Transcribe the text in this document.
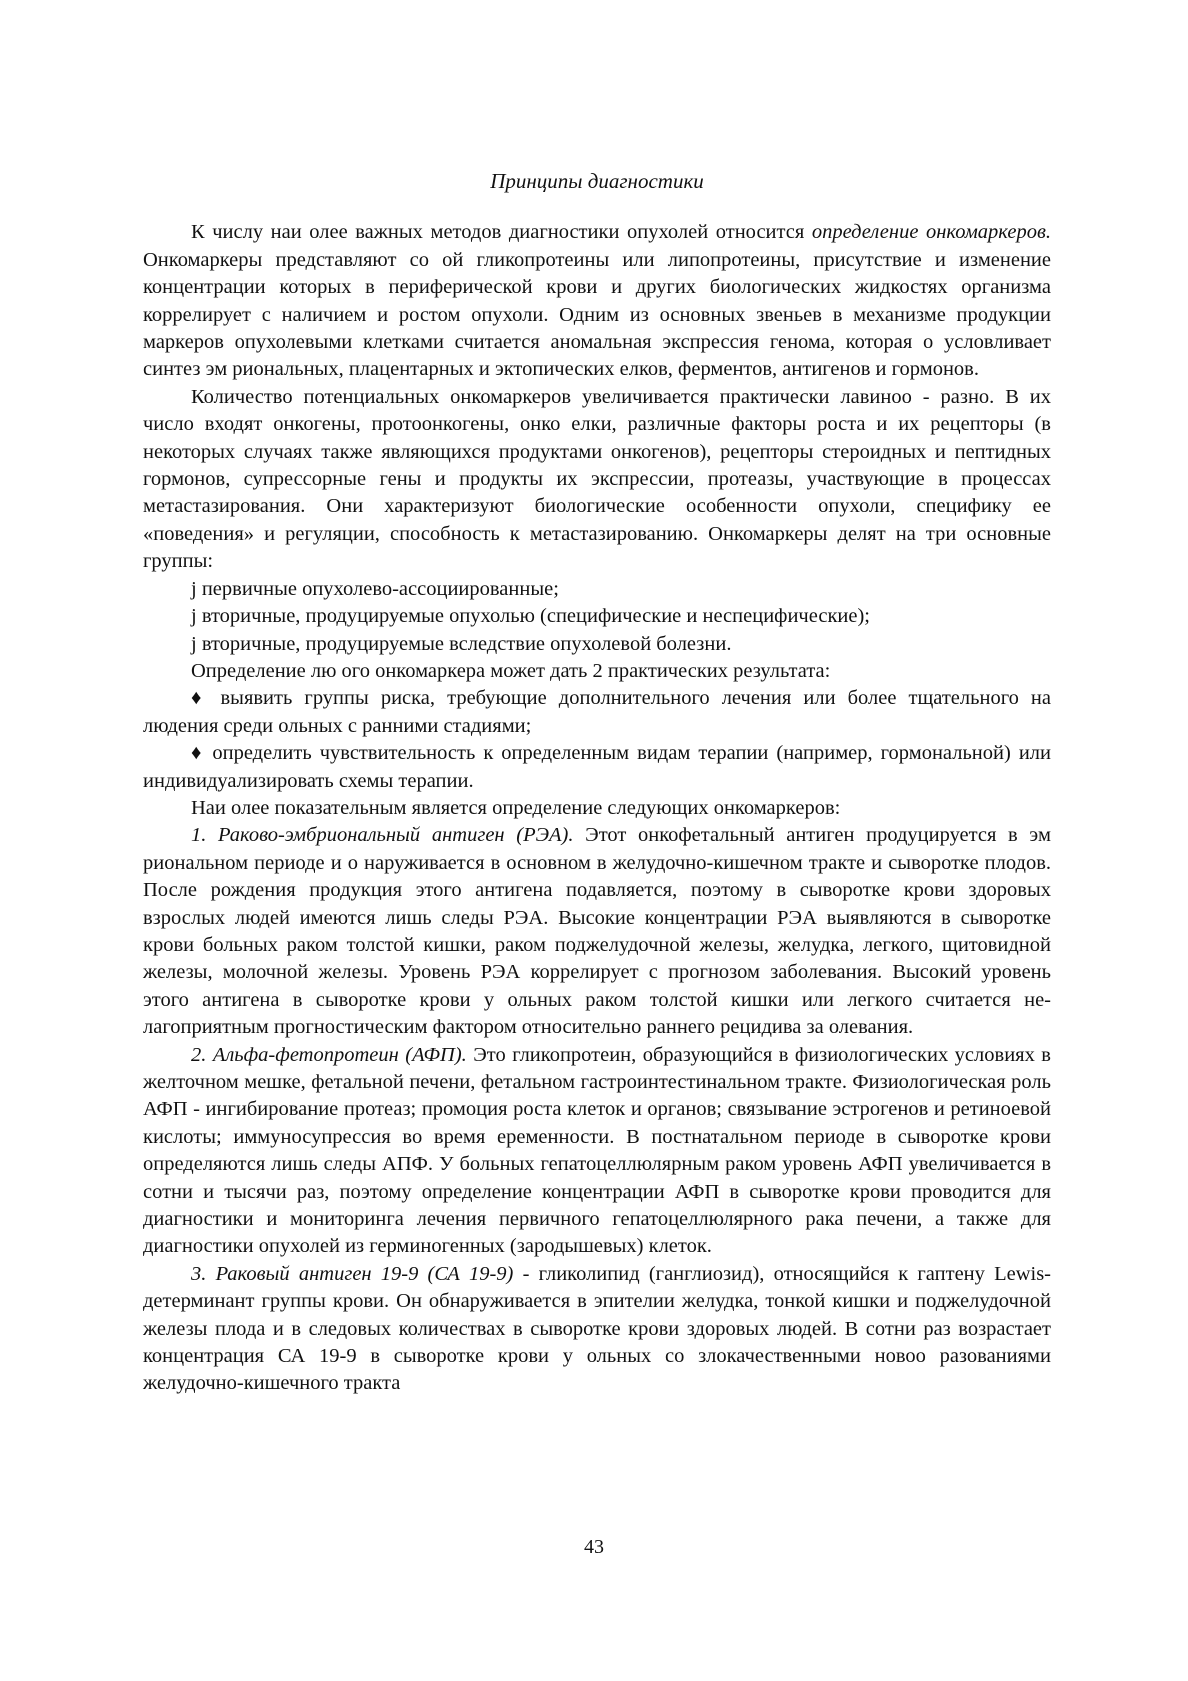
Принципы диагностики

К числу наи олее важных методов диагностики опухолей относится определение онкомаркеров. Онкомаркеры представляют со ой гликопротеины или липопротеины, присутствие и изменение концентрации которых в периферической крови и других биологических жидкостях организма коррелирует с наличием и ростом опухоли. Одним из основных звеньев в механизме продукции маркеров опухолевыми клетками считается аномальная экспрессия генома, которая о условливает синтез эм риональных, плацентарных и эктопических елков, ферментов, антигенов и гормонов.

Количество потенциальных онкомаркеров увеличивается практически лавиноо - разно. В их число входят онкогены, протоонкогены, онко елки, различные факторы роста и их рецепторы (в некоторых случаях также являющихся продуктами онкогенов), рецепторы стероидных и пептидных гормонов, супрессорные гены и продукты их экспрессии, протеазы, участвующие в процессах метастазирования. Они характеризуют биологические особенности опухоли, специфику ее «поведения» и регуляции, способность к метастазированию. Онкомаркеры делят на три основные группы:

j первичные опухолево-ассоциированные;

j вторичные, продуцируемые опухолью (специфические и неспецифические);

j вторичные, продуцируемые вследствие опухолевой болезни.

Определение лю ого онкомаркера может дать 2 практических результата:

♦ выявить группы риска, требующие дополнительного лечения или более тщательного на людения среди ольных с ранними стадиями;

♦ определить чувствительность к определенным видам терапии (например, гормональной) или индивидуализировать схемы терапии.

Наи олее показательным является определение следующих онкомаркеров:

1. Раково-эмбриональный антиген (РЭА). Этот онкофетальный антиген продуцируется в эм риональном периоде и о наруживается в основном в желудочно-кишечном тракте и сыворотке плодов. После рождения продукция этого антигена подавляется, поэтому в сыворотке крови здоровых взрослых людей имеются лишь следы РЭА. Высокие концентрации РЭА выявляются в сыворотке крови больных раком толстой кишки, раком поджелудочной железы, желудка, легкого, щитовидной железы, молочной железы. Уровень РЭА коррелирует с прогнозом заболевания. Высокий уровень этого антигена в сыворотке крови у ольных раком толстой кишки или легкого считается не-лагоприятным прогностическим фактором относительно раннего рецидива за олевания.

2. Альфа-фетопротеин (АФП). Это гликопротеин, образующийся в физиологических условиях в желточном мешке, фетальной печени, фетальном гастроинтестинальном тракте. Физиологическая роль АФП - ингибирование протеаз; промоция роста клеток и органов; связывание эстрогенов и ретиноевой кислоты; иммуносупрессия во время еременности. В постнатальном периоде в сыворотке крови определяются лишь следы АПФ. У больных гепатоцеллюлярным раком уровень АФП увеличивается в сотни и тысячи раз, поэтому определение концентрации АФП в сыворотке крови проводится для диагностики и мониторинга лечения первичного гепатоцеллюлярного рака печени, а также для диагностики опухолей из герминогенных (зародышевых) клеток.

3. Раковый антиген 19-9 (СА 19-9) - гликолипид (ганглиозид), относящийся к гаптену Lewis-детерминант группы крови. Он обнаруживается в эпителии желудка, тонкой кишки и поджелудочной железы плода и в следовых количествах в сыворотке крови здоровых людей. В сотни раз возрастает концентрация СА 19-9 в сыворотке крови у ольных со злокачественными новоо разованиями желудочно-кишечного тракта

43
